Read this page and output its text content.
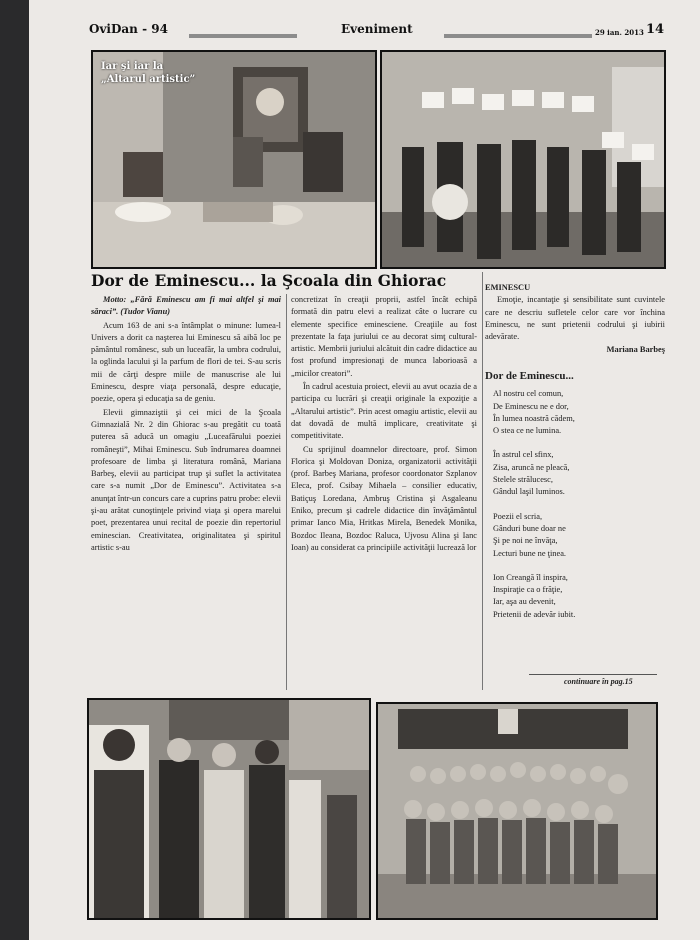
OviDan - 94	Eveniment	29 ian. 2013 14
Iar şi iar la
„Altarul artistic”
Dor de Eminescu... la Şcoala din Ghiorac

Motto: „Fără Eminescu am fi mai altfel şi mai săraci”. (Tudor Vianu)

Acum 163 de ani s-a întâmplat o minune: lumea-l Univers a dorit ca naşterea lui Eminescu să aibă loc pe pământul românesc, sub un luceafăr, la umbra codrului, la oglinda lacului şi la parfum de flori de tei. S-au scris mii de cărţi despre miile de manuscrise ale lui Eminescu, despre viaţa personală, despre educaţie, poezie, opera şi educaţia sa de geniu.

Elevii gimnaziştii şi cei mici de la Şcoala Gimnazială Nr. 2 din Ghiorac s-au pregătit cu toată puterea să aducă un omagiu „Luceafărului poeziei româneşti”, Mihai Eminescu. Sub îndrumarea doamnei profesoare de limba şi literatura română, Mariana Barbeş, elevii au participat trup şi suflet la activitatea care s-a numit „Dor de Eminescu”. Activitatea s-a anunţat într-un concurs care a cuprins patru probe: elevii şi-au arătat cunoştinţele privind viaţa şi opera marelui poet, prezentarea unui recital de poezie din repertoriul eminescian. Creativitatea, originalitatea şi spiritul artistic s-au

concretizat în creaţii proprii, astfel încât echipă formată din patru elevi a realizat câte o lucrare cu elemente specifice eminesciene. Creaţiile au fost prezentate la faţa juriului ce au decorat simţ cultural-artistic. Membrii juriului alcătuit din cadre didactice au fost profund impresionaţi de munca laborioasă a „micilor creatori”.

În cadrul acestuia proiect, elevii au avut ocazia de a participa cu lucrări şi creaţii originale la expoziţie a „Altarului artistic”. Prin acest omagiu artistic, elevii au dat dovadă de multă implicare, creativitate şi competitivitate.

Cu sprijinul doamnelor directoare, prof. Simon Florica şi Moldovan Doniza, organizatorii activităţii (prof. Barbeş Mariana, profesor coordonator Szplanov Eleca, prof. Csibay Mihaela – consilier educativ, Batiçuş Loredana, Ambruş Cristina şi Asgaleanu Eniko, precum şi cadrele didactice din învăţământul primar Ianco Mia, Hritkas Mirela, Benedek Monika, Bozdoc Ileana, Bozdoc Raluca, Ujvosu Alina şi Ianc Ioan) au considerat ca principiile activităţii lucrează lor

EMINESCU

Emoţie, incantaţie şi sensibilitate sunt cuvintele care ne descriu sufletele celor care vor închina Eminescu, ne sunt prietenii codrului şi iubirii adevărate.

Mariana Barbeş
Dor de Eminescu...
Al nostru cel comun,
De Eminescu ne e dor,
În lumea noastră cădem,
O stea ce ne lumina.
În astrul cel sfinx,
Zisa, aruncă ne pleacă,
Stelele strălucesc,
Gândul laşil luminos.
Poezii el scria,
Gânduri bune doar ne
Şi pe noi ne învăţa,
Lecturi bune ne ţinea.
Ion Creangă îl inspira,
Inspiraţie ca o frăţie,
Iar, aşa au devenit,
Prietenii de adevăr iubit.
continuare în pag.15
